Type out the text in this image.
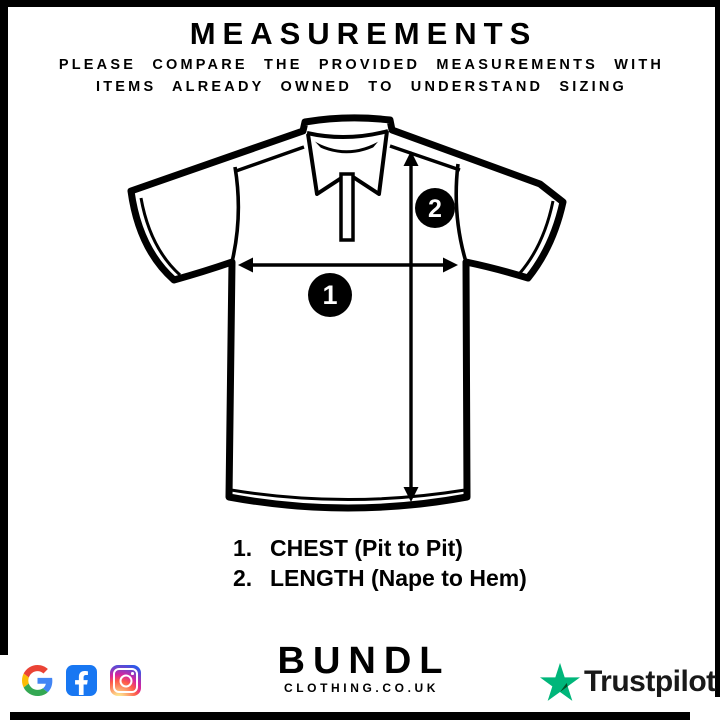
MEASUREMENTS
PLEASE COMPARE THE PROVIDED MEASUREMENTS WITH
ITEMS ALREADY OWNED TO UNDERSTAND SIZING
1
2
1. CHEST (Pit to Pit)
2. LENGTH (Nape to Hem)
BUNDL
CLOTHING.CO.UK	Trustpilot
